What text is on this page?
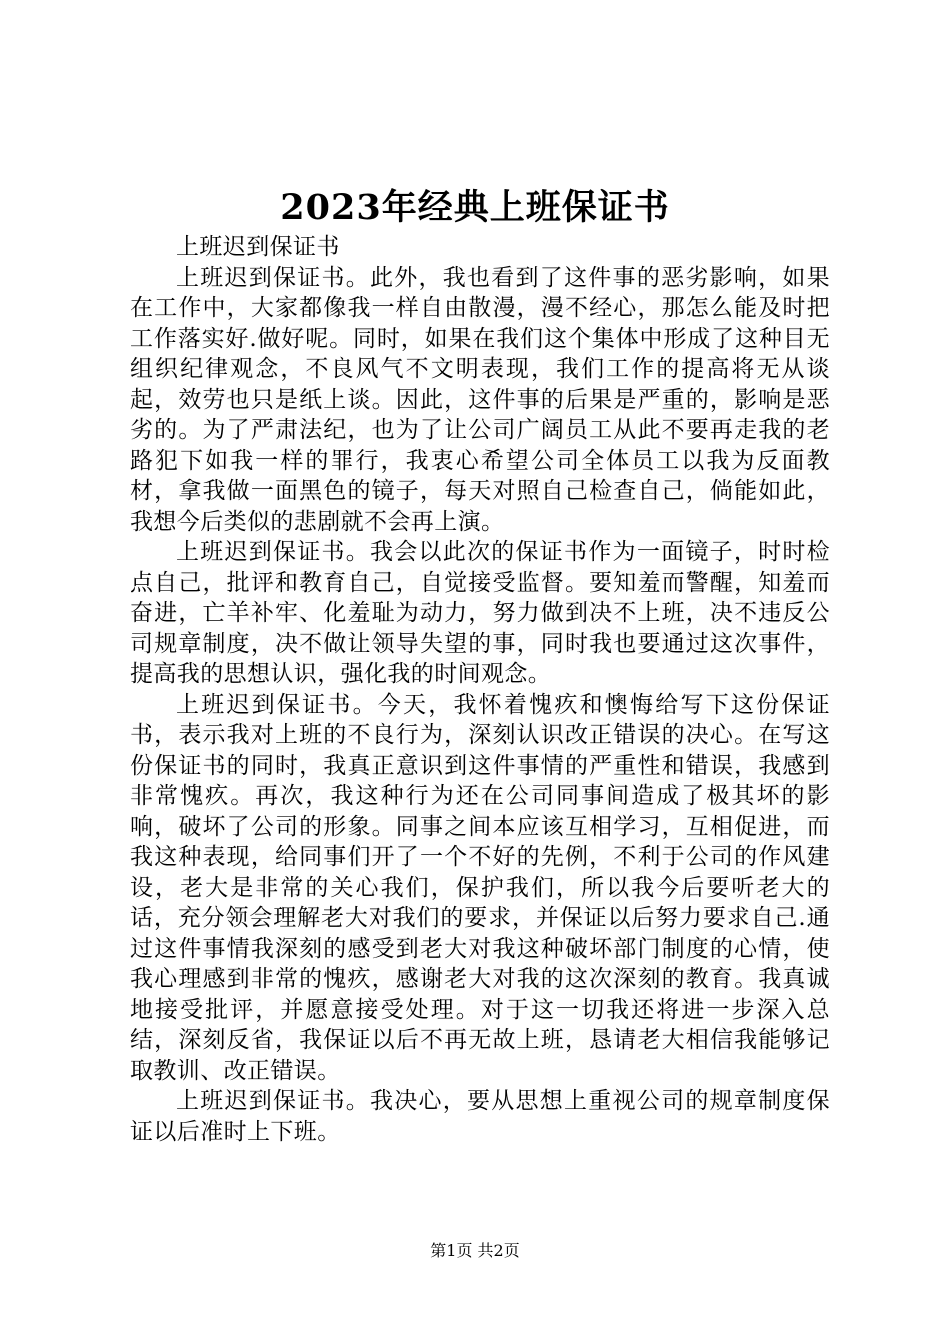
2023年经典上班保证书

上班迟到保证书

上班迟到保证书。此外，我也看到了这件事的恶劣影响，如果在工作中，大家都像我一样自由散漫，漫不经心，那怎么能及时把工作落实好.做好呢。同时，如果在我们这个集体中形成了这种目无组织纪律观念，不良风气不文明表现，我们工作的提高将无从谈起，效劳也只是纸上谈。因此，这件事的后果是严重的，影响是恶劣的。为了严肃法纪，也为了让公司广阔员工从此不要再走我的老路犯下如我一样的罪行，我衷心希望公司全体员工以我为反面教材，拿我做一面黑色的镜子，每天对照自己检查自己，倘能如此，我想今后类似的悲剧就不会再上演。

上班迟到保证书。我会以此次的保证书作为一面镜子，时时检点自己，批评和教育自己，自觉接受监督。要知羞而警醒，知羞而奋进，亡羊补牢、化羞耻为动力，努力做到决不上班，决不违反公司规章制度，决不做让领导失望的事，同时我也要通过这次事件，提高我的思想认识，强化我的时间观念。

上班迟到保证书。今天，我怀着愧疚和懊悔给写下这份保证书，表示我对上班的不良行为，深刻认识改正错误的决心。在写这份保证书的同时，我真正意识到这件事情的严重性和错误，我感到非常愧疚。再次，我这种行为还在公司同事间造成了极其坏的影响，破坏了公司的形象。同事之间本应该互相学习，互相促进，而我这种表现，给同事们开了一个不好的先例，不利于公司的作风建设，老大是非常的关心我们，保护我们，所以我今后要听老大的话，充分领会理解老大对我们的要求，并保证以后努力要求自己.通过这件事情我深刻的感受到老大对我这种破坏部门制度的心情，使我心理感到非常的愧疚，感谢老大对我的这次深刻的教育。我真诚地接受批评，并愿意接受处理。对于这一切我还将进一步深入总结，深刻反省，我保证以后不再无故上班，恳请老大相信我能够记取教训、改正错误。

上班迟到保证书。我决心，要从思想上重视公司的规章制度保证以后准时上下班。

第1页 共2页
